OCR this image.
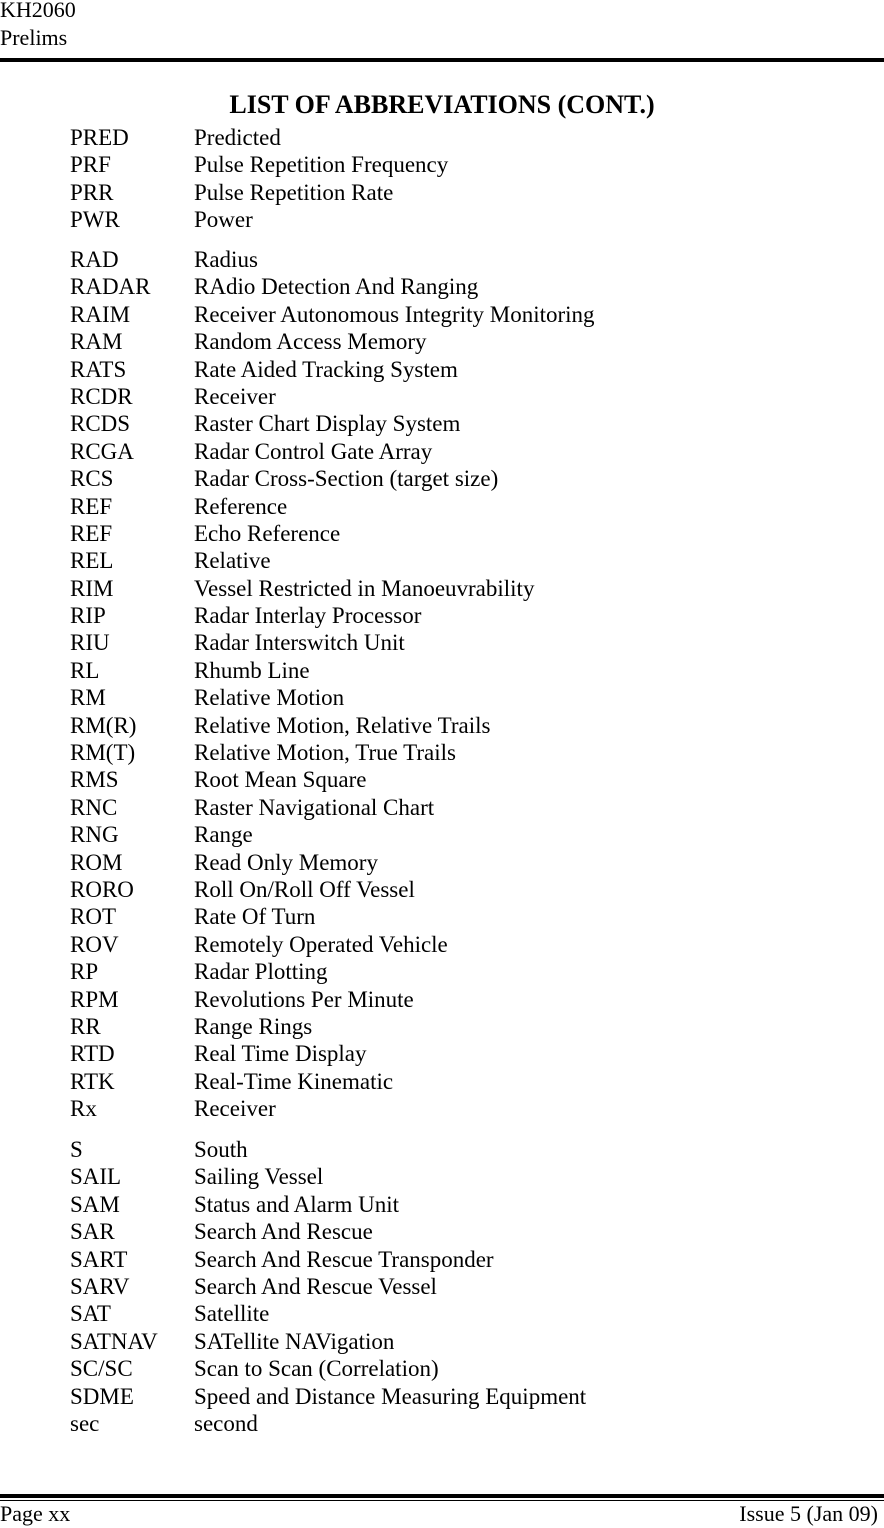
KH2060
Prelims
LIST OF ABBREVIATIONS (CONT.)
PRED	Predicted
PRF	Pulse Repetition Frequency
PRR	Pulse Repetition Rate
PWR	Power
RAD	Radius
RADAR	RAdio Detection And Ranging
RAIM	Receiver Autonomous Integrity Monitoring
RAM	Random Access Memory
RATS	Rate Aided Tracking System
RCDR	Receiver
RCDS	Raster Chart Display System
RCGA	Radar Control Gate Array
RCS	Radar Cross-Section (target size)
REF	Reference
REF	Echo Reference
REL	Relative
RIM	Vessel Restricted in Manoeuvrability
RIP	Radar Interlay Processor
RIU	Radar Interswitch Unit
RL	Rhumb Line
RM	Relative Motion
RM(R)	Relative Motion, Relative Trails
RM(T)	Relative Motion, True Trails
RMS	Root Mean Square
RNC	Raster Navigational Chart
RNG	Range
ROM	Read Only Memory
RORO	Roll On/Roll Off Vessel
ROT	Rate Of Turn
ROV	Remotely Operated Vehicle
RP	Radar Plotting
RPM	Revolutions Per Minute
RR	Range Rings
RTD	Real Time Display
RTK	Real-Time Kinematic
Rx	Receiver
S	South
SAIL	Sailing Vessel
SAM	Status and Alarm Unit
SAR	Search And Rescue
SART	Search And Rescue Transponder
SARV	Search And Rescue Vessel
SAT	Satellite
SATNAV	SATellite NAVigation
SC/SC	Scan to Scan (Correlation)
SDME	Speed and Distance Measuring Equipment
sec	second
Page xx	Issue 5 (Jan 09)
